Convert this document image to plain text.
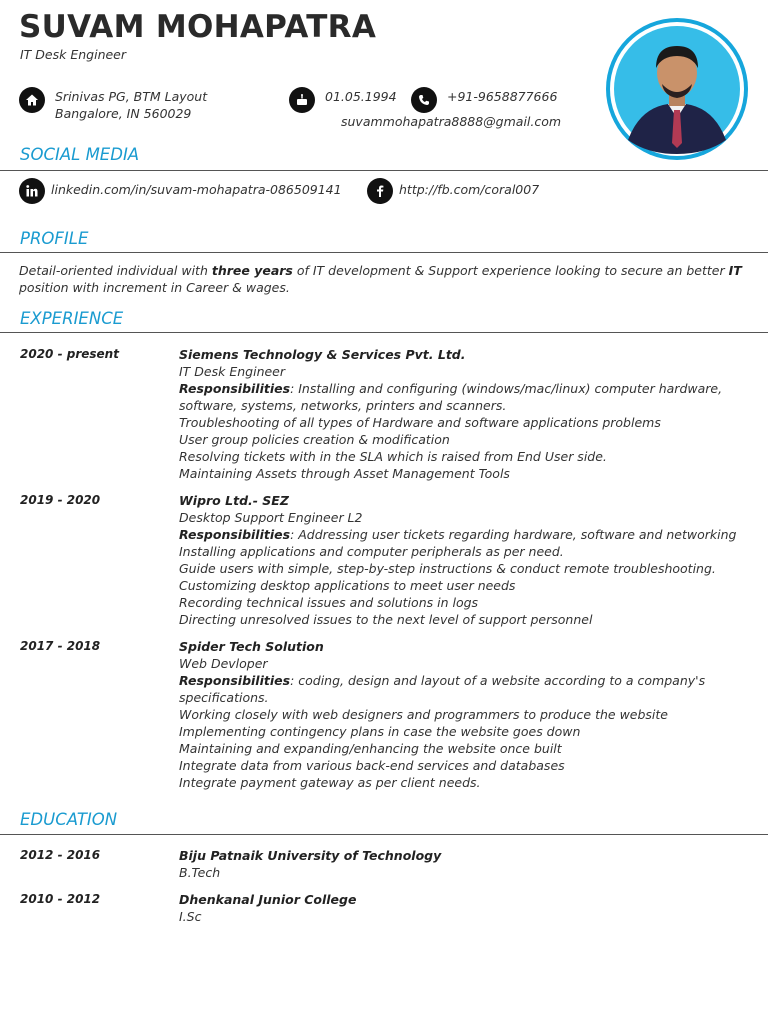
SUVAM MOHAPATRA
IT Desk Engineer
Srinivas PG, BTM Layout
Bangalore, IN 560029
01.05.1994	+91-9658877666
suvammohapatra8888@gmail.com
SOCIAL MEDIA
linkedin.com/in/suvam-mohapatra-086509141	http://fb.com/coral007
PROFILE
Detail-oriented individual with three years of IT development & Support experience looking to secure an better IT position with increment in Career & wages.
EXPERIENCE
2020 - present	Siemens Technology & Services Pvt. Ltd.
IT Desk Engineer
Responsibilities: Installing and configuring (windows/mac/linux) computer hardware, software, systems, networks, printers and scanners.
Troubleshooting of all types of Hardware and software applications problems
User group policies creation & modification
Resolving tickets with in the SLA which is raised from End User side.
Maintaining Assets through Asset Management Tools
2019 - 2020	Wipro Ltd.- SEZ
Desktop Support Engineer L2
Responsibilities: Addressing user tickets regarding hardware, software and networking
Installing applications and computer peripherals as per need.
Guide users with simple, step-by-step instructions & conduct remote troubleshooting.
Customizing desktop applications to meet user needs
Recording technical issues and solutions in logs
Directing unresolved issues to the next level of support personnel
2017 - 2018	Spider Tech Solution
Web Devloper
Responsibilities: coding, design and layout of a website according to a company's specifications.
Working closely with web designers and programmers to produce the website
Implementing contingency plans in case the website goes down
Maintaining and expanding/enhancing the website once built
Integrate data from various back-end services and databases
Integrate payment gateway as per client needs.
EDUCATION
2012 - 2016	Biju Patnaik University of Technology
B.Tech
2010 - 2012	Dhenkanal Junior College
I.Sc
